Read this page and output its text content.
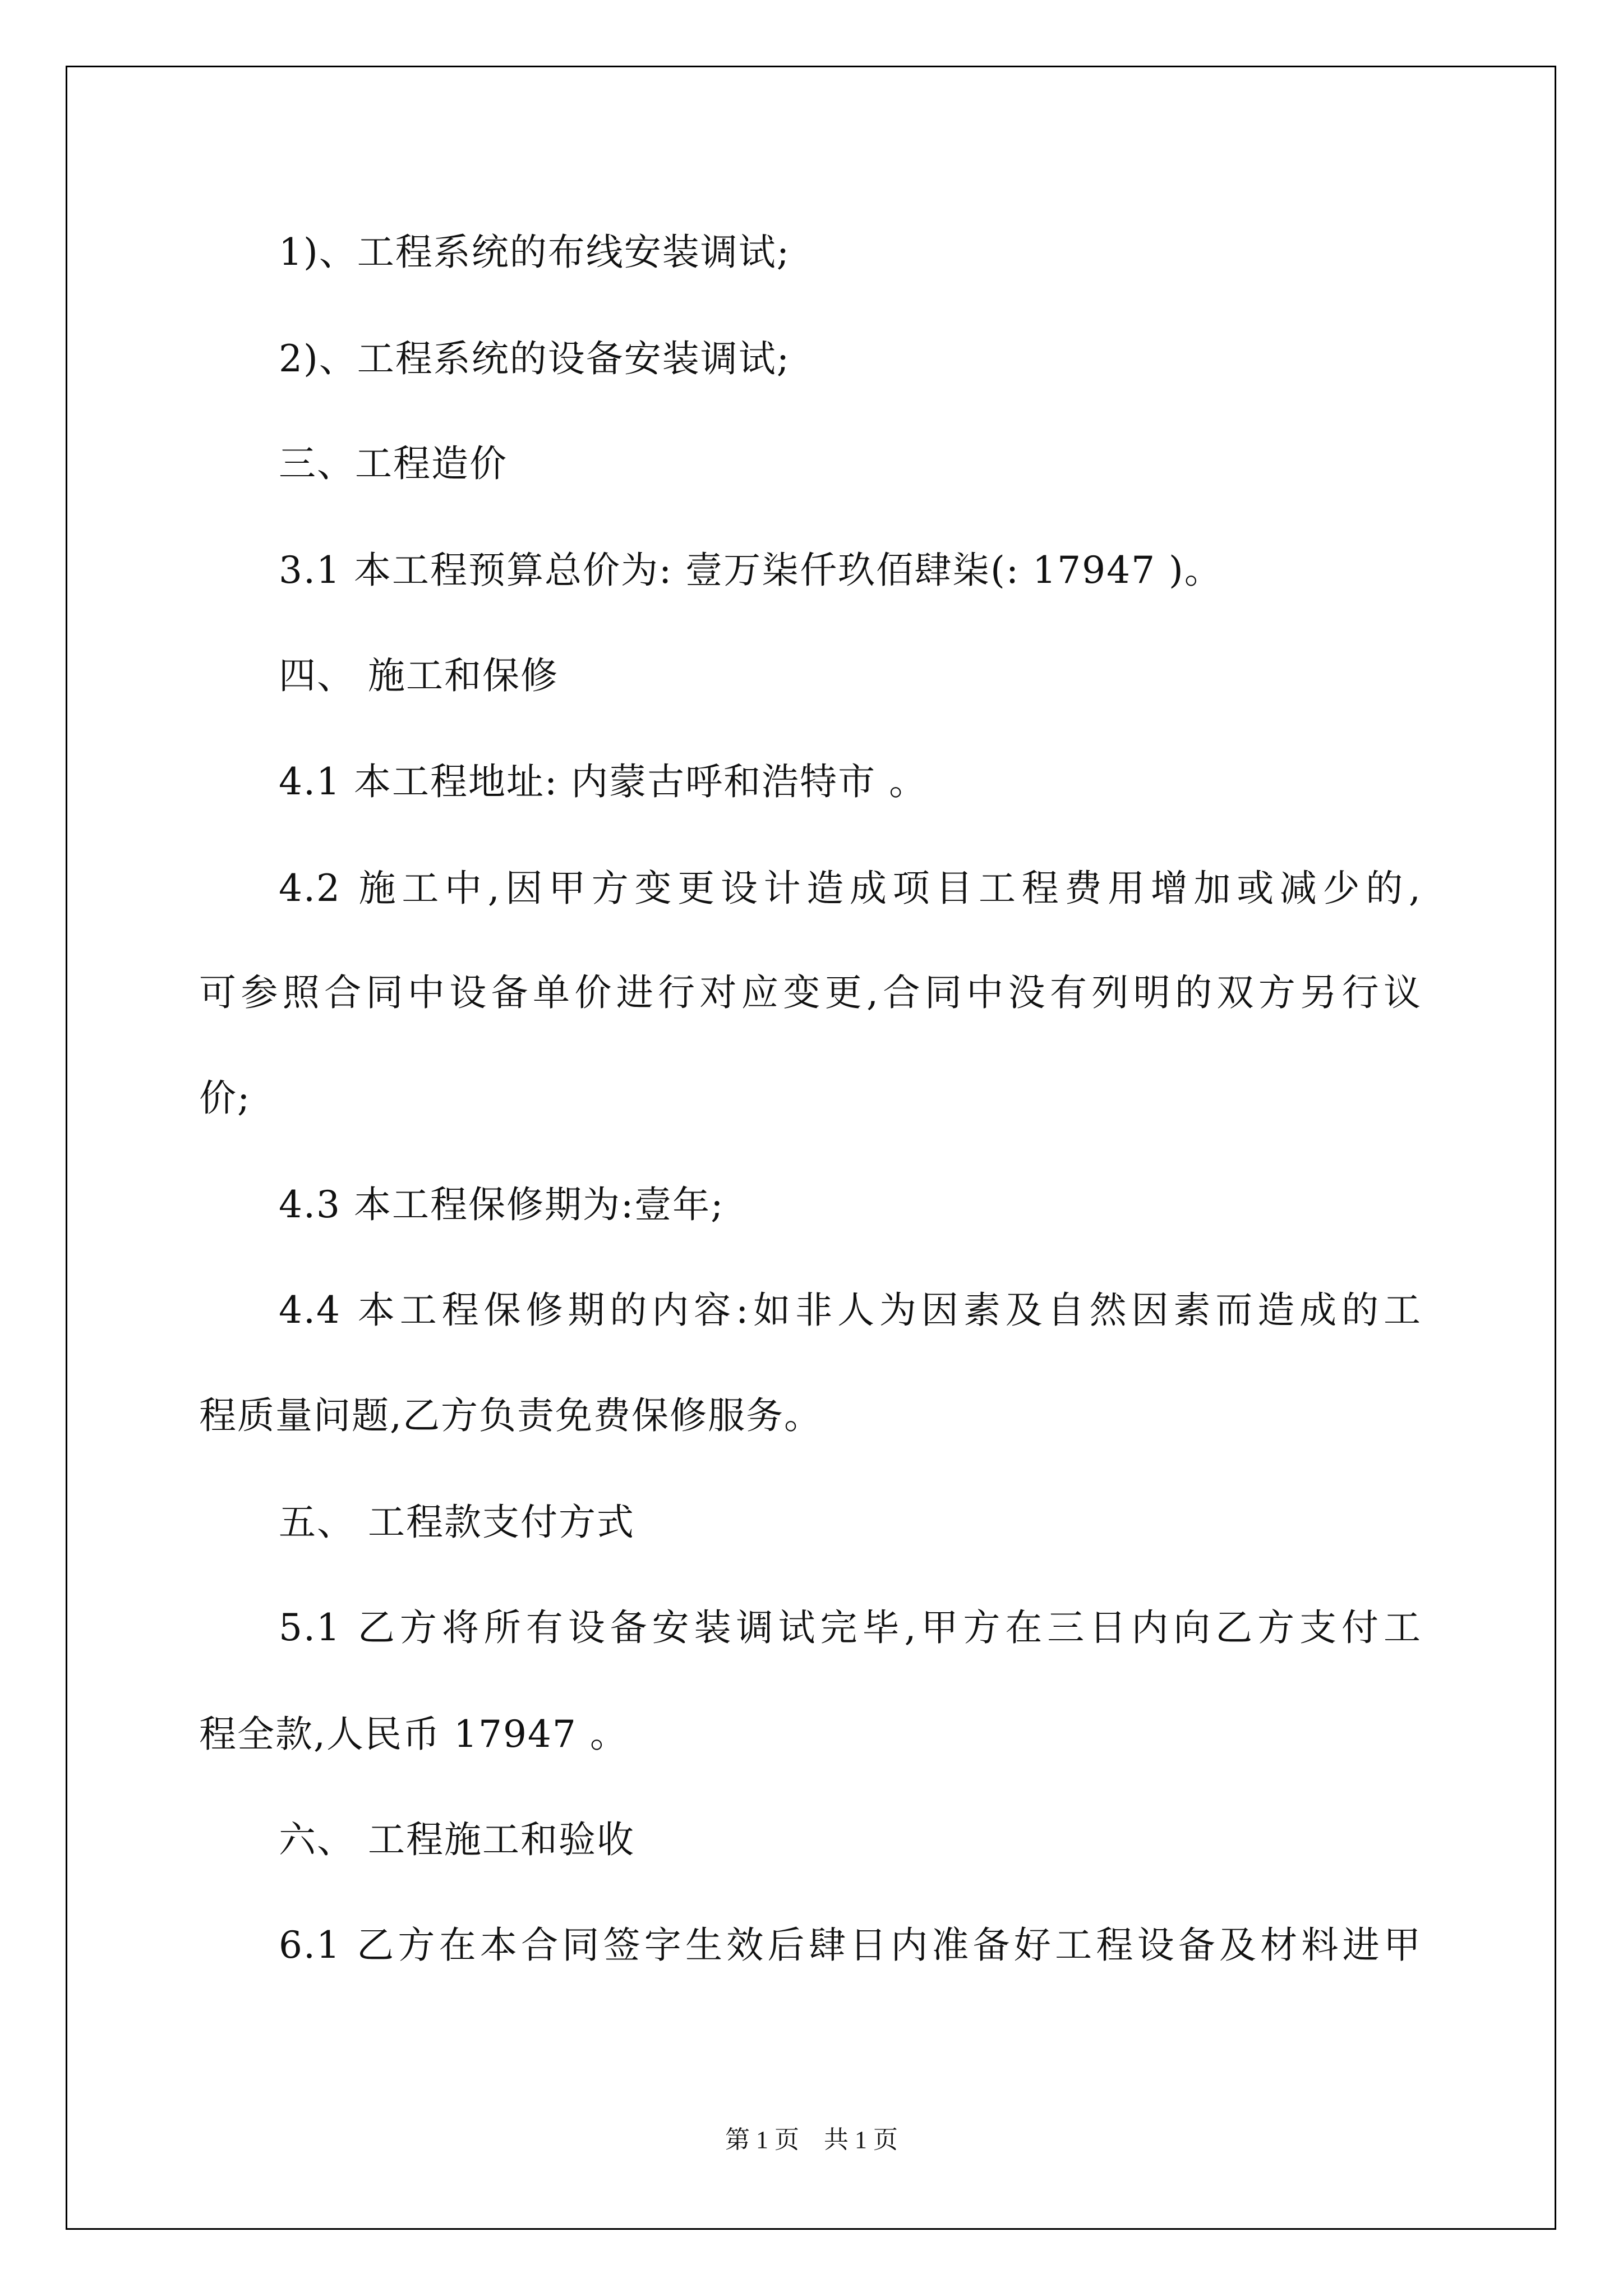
1)、工程系统的布线安装调试;
2)、工程系统的设备安装调试;
三、工程造价
3.1 本工程预算总价为: 壹万柒仟玖佰肆柒(: 17947 )。
四、 施工和保修
4.1 本工程地址: 内蒙古呼和浩特市 。
4.2 施工中,因甲方变更设计造成项目工程费用增加或减少的,
可参照合同中设备单价进行对应变更,合同中没有列明的双方另行议
价;
4.3 本工程保修期为:壹年;
4.4 本工程保修期的内容:如非人为因素及自然因素而造成的工
程质量问题,乙方负责免费保修服务。
五、 工程款支付方式
5.1 乙方将所有设备安装调试完毕,甲方在三日内向乙方支付工
程全款,人民币 17947 。
六、 工程施工和验收
6.1 乙方在本合同签字生效后肆日内准备好工程设备及材料进甲
第 1 页    共 1 页
